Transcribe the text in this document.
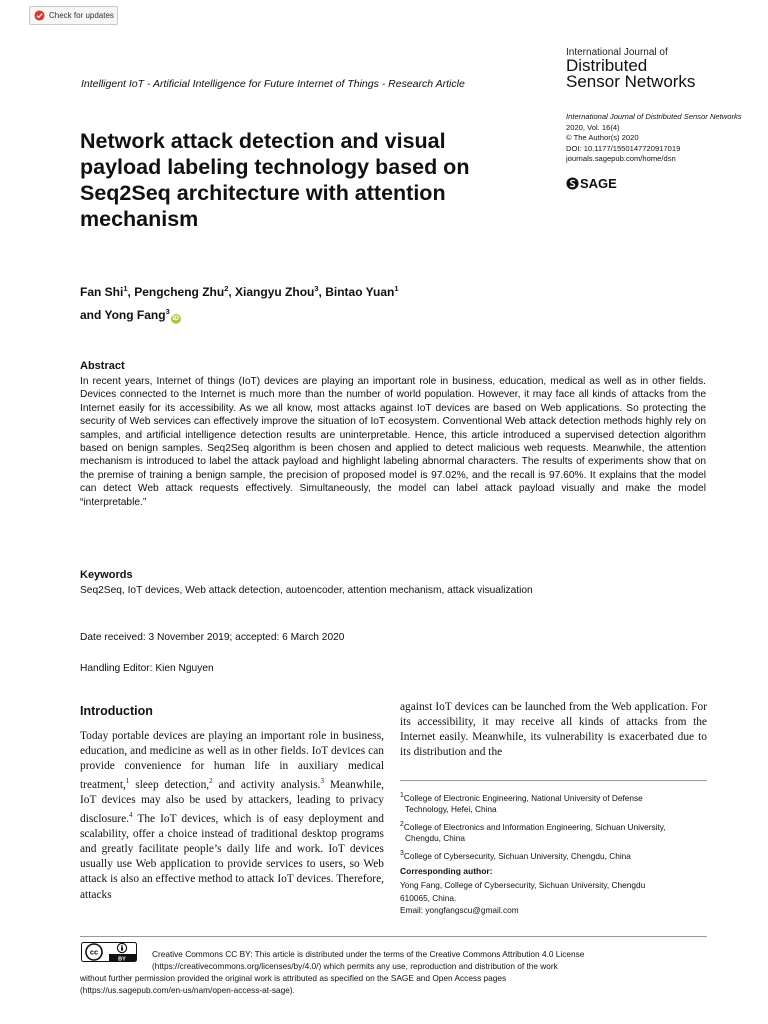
Check for updates
International Journal of
Distributed
Sensor Networks
Intelligent IoT - Artificial Intelligence for Future Internet of Things - Research Article
Network attack detection and visual payload labeling technology based on Seq2Seq architecture with attention mechanism
International Journal of Distributed Sensor Networks
2020, Vol. 16(4)
© The Author(s) 2020
DOI: 10.1177/1550147720917019
journals.sagepub.com/home/dsn
SAGE
Fan Shi$^1$, Pengcheng Zhu$^2$, Xiangyu Zhou$^3$, Bintao Yuan$^1$
and Yong Fang$^3$iD
Abstract
In recent years, Internet of things (IoT) devices are playing an important role in business, education, medical as well as in other fields. Devices connected to the Internet is much more than the number of world population. However, it may face all kinds of attacks from the Internet easily for its accessibility. As we all know, most attacks against IoT devices are based on Web applications. So protecting the security of Web services can effectively improve the situation of IoT ecosystem. Conventional Web attack detection methods highly rely on samples, and artificial intelligence detection results are uninterpretable. Hence, this article introduced a supervised detection algorithm based on benign samples. Seq2Seq algorithm is been chosen and applied to detect malicious web requests. Meanwhile, the attention mechanism is introduced to label the attack payload and highlight labeling abnormal characters. The results of experiments show that on the premise of training a benign sample, the precision of proposed model is 97.02%, and the recall is 97.60%. It explains that the model can detect Web attack requests effectively. Simultaneously, the model can label attack payload visually and make the model “interpretable.”
Keywords
Seq2Seq, IoT devices, Web attack detection, autoencoder, attention mechanism, attack visualization
Date received: 3 November 2019; accepted: 6 March 2020
Handling Editor: Kien Nguyen
Introduction
Today portable devices are playing an important role in business, education, and medicine as well as in other fields. IoT devices can provide convenience for human life in auxiliary medical treatment,$^1$ sleep detection,$^2$ and activity analysis.$^3$ Meanwhile, IoT devices may also be used by attackers, leading to privacy disclosure.$^4$ The IoT devices, which is of easy deployment and scalability, offer a choice instead of traditional desktop programs and greatly facilitate people’s daily life and work. IoT devices usually use Web application to provide services to users, so Web attack is also an effective method to attack IoT devices. Therefore, attacks
against IoT devices can be launched from the Web application. For its accessibility, it may receive all kinds of attacks from the Internet easily. Meanwhile, its vulnerability is exacerbated due to its distribution and the
$^1$College of Electronic Engineering, National University of Defense
Technology, Hefei, China
$^2$College of Electronics and Information Engineering, Sichuan University,
Chengdu, China
$^3$College of Cybersecurity, Sichuan University, Chengdu, China
Corresponding author:
Yong Fang, College of Cybersecurity, Sichuan University, Chengdu
610065, China.
Email: yongfangscu@gmail.com
cc
BY
Creative Commons CC BY: This article is distributed under the terms of the Creative Commons Attribution 4.0 License
(https://creativecommons.org/licenses/by/4.0/) which permits any use, reproduction and distribution of the work
without further permission provided the original work is attributed as specified on the SAGE and Open Access pages
(https://us.sagepub.com/en-us/nam/open-access-at-sage).
